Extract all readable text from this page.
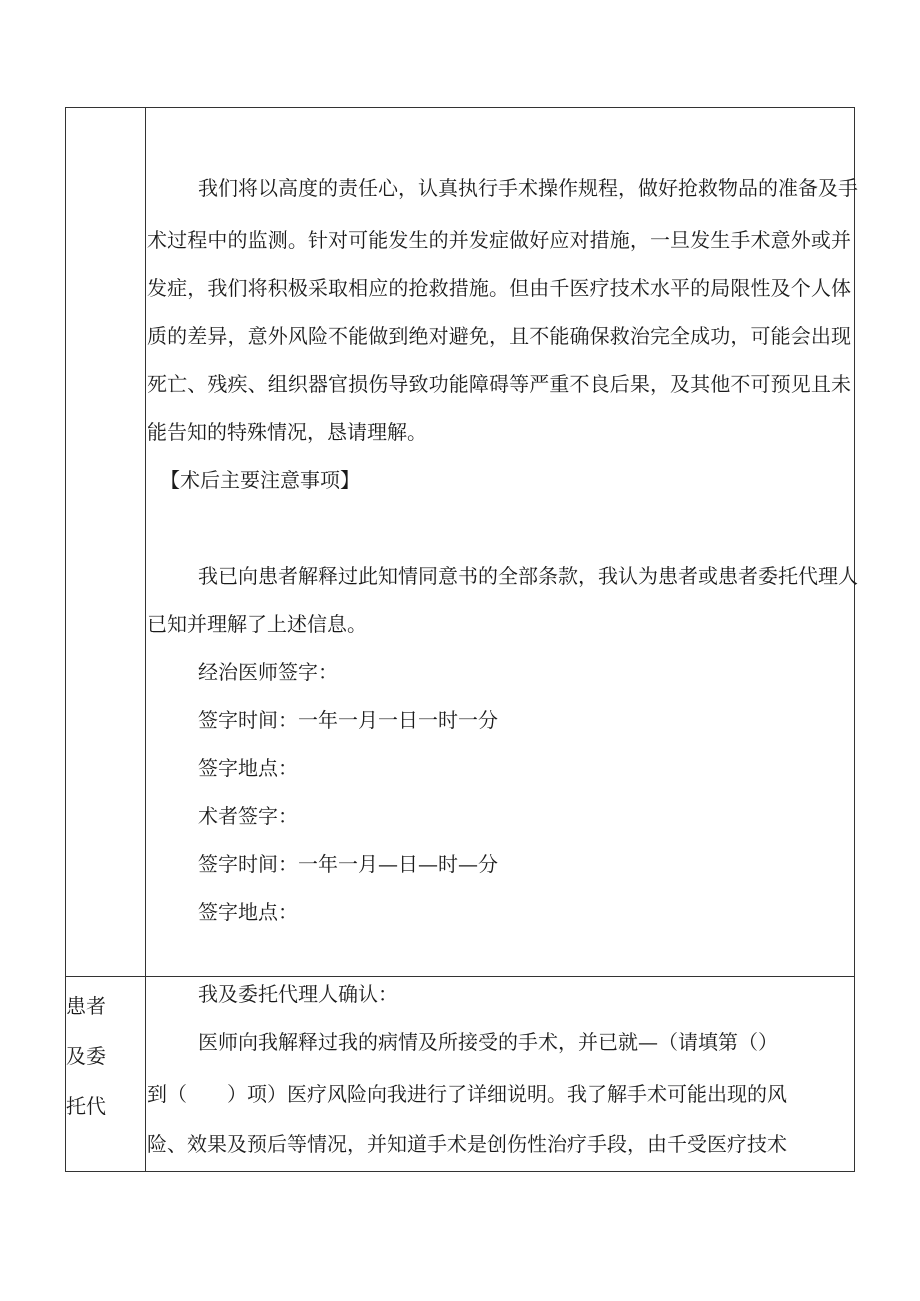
我们将以高度的责任心，认真执行手术操作规程，做好抢救物品的准备及手
术过程中的监测。针对可能发生的并发症做好应对措施，一旦发生手术意外或并
发症，我们将积极采取相应的抢救措施。但由千医疗技术水平的局限性及个人体
质的差异，意外风险不能做到绝对避免，且不能确保救治完全成功，可能会出现
死亡、残疾、组织器官损伤导致功能障碍等严重不良后果，及其他不可预见且未
能告知的特殊情况，恳请理解。
【术后主要注意事项】
我已向患者解释过此知情同意书的全部条款，我认为患者或患者委托代理人
已知并理解了上述信息。
经治医师签字：
签字时间：一年一月一日一时一分
签字地点：
术者签字：
签字时间：一年一月—日—时—分
签字地点：
患者
及委
托代
我及委托代理人确认：
医师向我解释过我的病情及所接受的手术，并已就—（请填第（）
到（　　）项）医疗风险向我进行了详细说明。我了解手术可能出现的风
险、效果及预后等情况，并知道手术是创伤性治疗手段，由千受医疗技术
